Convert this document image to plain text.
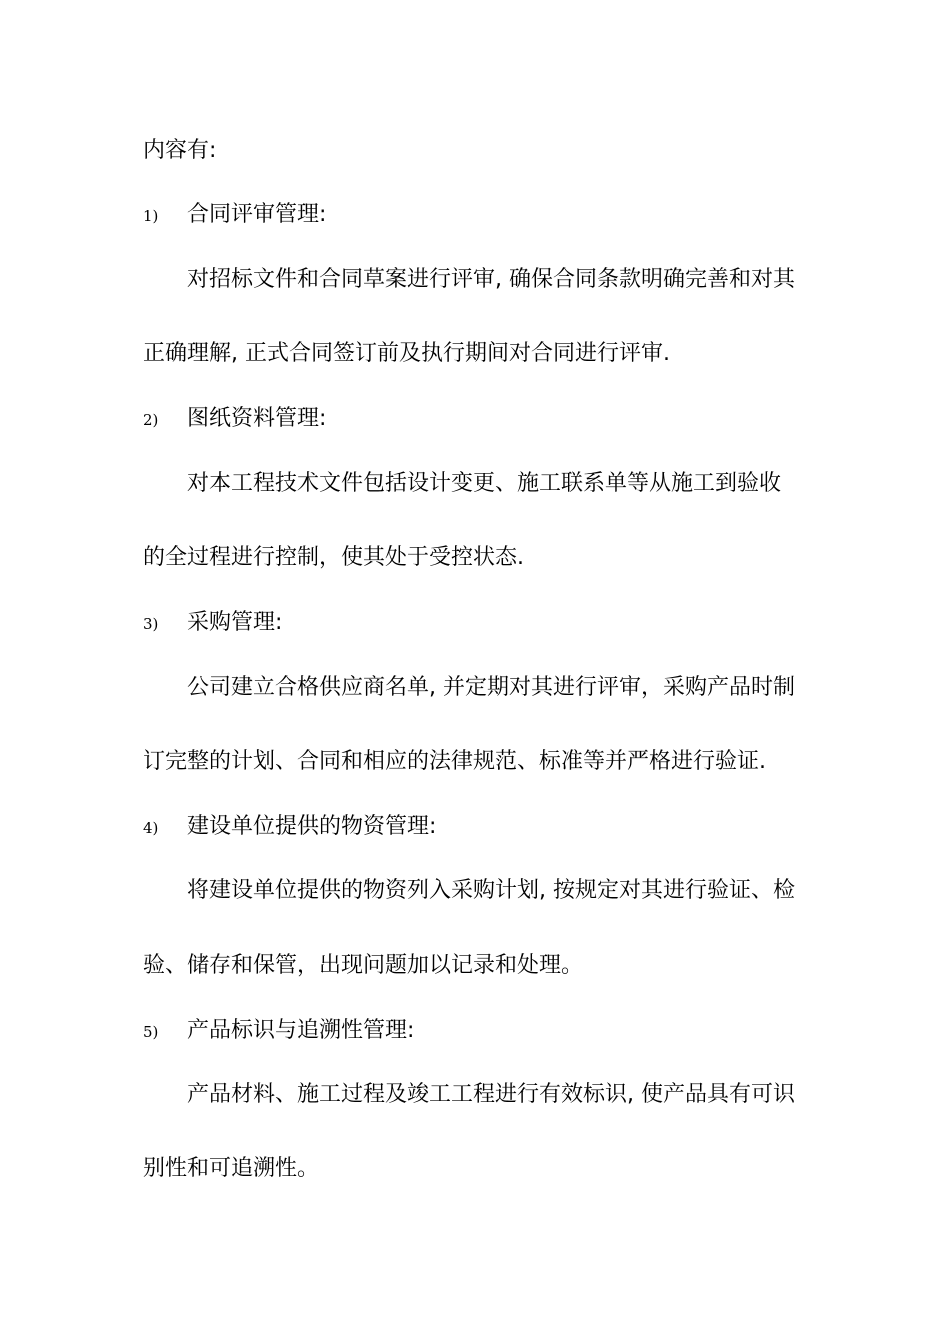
内容有:
1) 合同评审管理:
对招标文件和合同草案进行评审, 确保合同条款明确完善和对其
正确理解, 正式合同签订前及执行期间对合同进行评审.
2) 图纸资料管理:
对本工程技术文件包括设计变更、施工联系单等从施工到验收
的全过程进行控制，使其处于受控状态.
3) 采购管理:
公司建立合格供应商名单, 并定期对其进行评审，采购产品时制
订完整的计划、合同和相应的法律规范、标准等并严格进行验证.
4) 建设单位提供的物资管理:
将建设单位提供的物资列入采购计划, 按规定对其进行验证、检
验、储存和保管，出现问题加以记录和处理。
5) 产品标识与追溯性管理:
产品材料、施工过程及竣工工程进行有效标识, 使产品具有可识
别性和可追溯性。
